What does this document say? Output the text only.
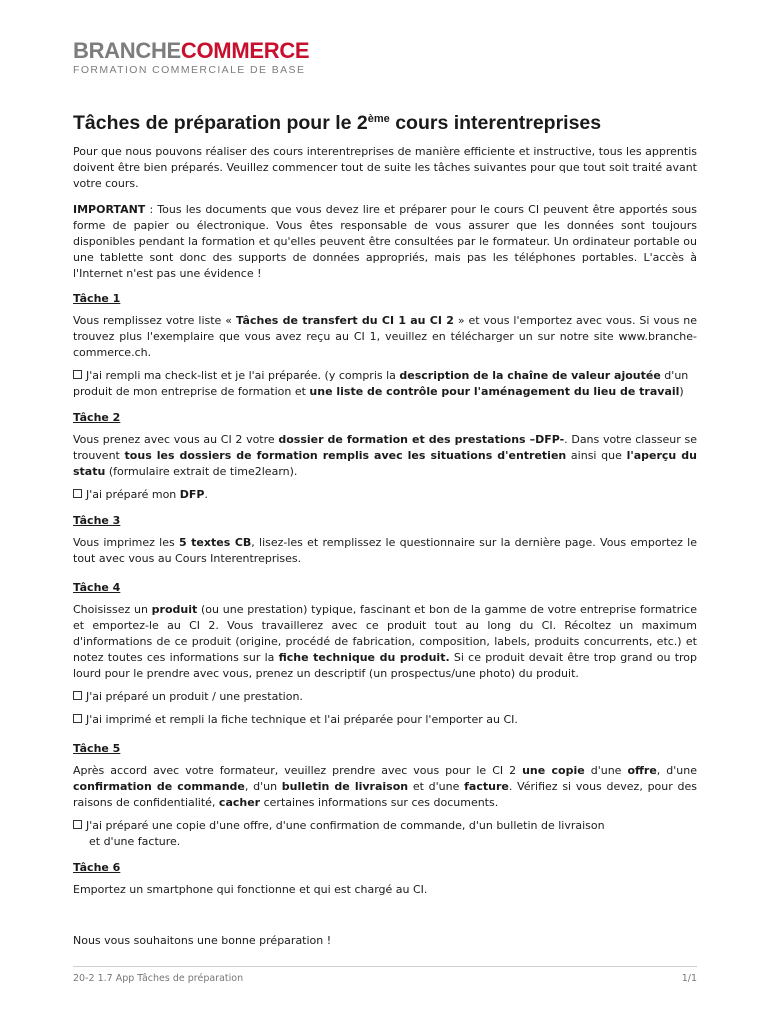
BRANCHECOMMERCE
FORMATION COMMERCIALE DE BASE
Tâches de préparation pour le 2ème cours interentreprises

Pour que nous pouvons réaliser des cours interentreprises de manière efficiente et instructive, tous les apprentis doivent être bien préparés. Veuillez commencer tout de suite les tâches suivantes pour que tout soit traité avant votre cours.

IMPORTANT : Tous les documents que vous devez lire et préparer pour le cours CI peuvent être apportés sous forme de papier ou électronique. Vous êtes responsable de vous assurer que les données sont toujours disponibles pendant la formation et qu'elles peuvent être consultées par le formateur. Un ordinateur portable ou une tablette sont donc des supports de données appropriés, mais pas les téléphones portables. L'accès à l'Internet n'est pas une évidence !

Tâche 1

Vous remplissez votre liste « Tâches de transfert du CI 1 au CI 2 » et vous l'emportez avec vous. Si vous ne trouvez plus l'exemplaire que vous avez reçu au CI 1, veuillez en télécharger un sur notre site www.branche-commerce.ch.

J'ai rempli ma check-list et je l'ai préparée. (y compris la description de la chaîne de valeur ajoutée d'un produit de mon entreprise de formation et une liste de contrôle pour l'aménagement du lieu de travail)
Tâche 2

Vous prenez avec vous au CI 2 votre dossier de formation et des prestations –DFP-. Dans votre classeur se trouvent tous les dossiers de formation remplis avec les situations d'entretien ainsi que l'aperçu du statu (formulaire extrait de time2learn).

J'ai préparé mon DFP.
Tâche 3

Vous imprimez les 5 textes CB, lisez-les et remplissez le questionnaire sur la dernière page. Vous emportez le tout avec vous au Cours Interentreprises.

Tâche 4

Choisissez un produit (ou une prestation) typique, fascinant et bon de la gamme de votre entreprise formatrice et emportez-le au CI 2. Vous travaillerez avec ce produit tout au long du CI. Récoltez un maximum d'informations de ce produit (origine, procédé de fabrication, composition, labels, produits concurrents, etc.) et notez toutes ces informations sur la fiche technique du produit. Si ce produit devait être trop grand ou trop lourd pour le prendre avec vous, prenez un descriptif (un prospectus/une photo) du produit.

J'ai préparé un produit / une prestation.
J'ai imprimé et rempli la fiche technique et l'ai préparée pour l'emporter au CI.
Tâche 5

Après accord avec votre formateur, veuillez prendre avec vous pour le CI 2 une copie d'une offre, d'une confirmation de commande, d'un bulletin de livraison et d'une facture. Vérifiez si vous devez, pour des raisons de confidentialité, cacher certaines informations sur ces documents.

J'ai préparé une copie d'une offre, d'une confirmation de commande, d'un bulletin de livraison
et d'une facture.
Tâche 6

Emportez un smartphone qui fonctionne et qui est chargé au CI.

Nous vous souhaitons une bonne préparation !
20-2 1.7 App Tâches de préparation	1/1
